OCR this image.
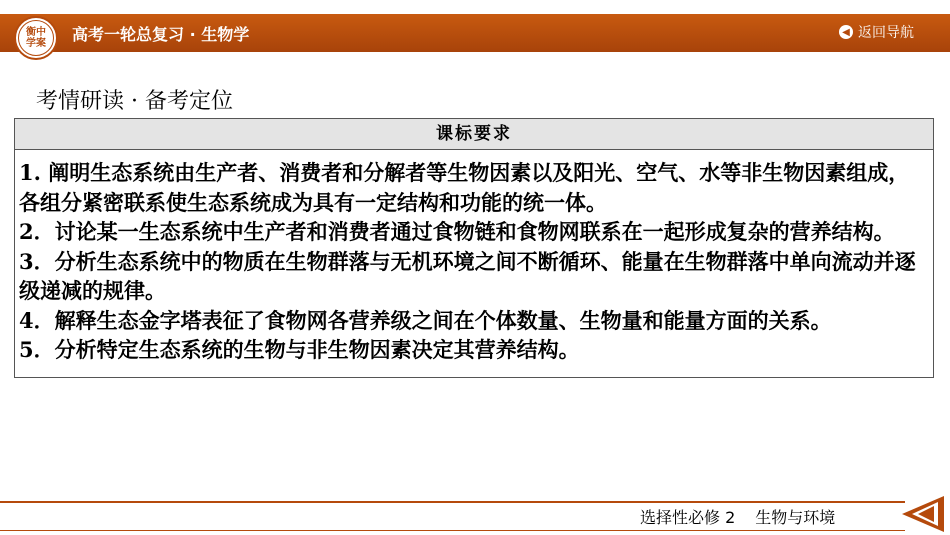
衡中
学案 高考一轮总复习 · 生物学	◀ 返回导航
考情研读 · 备考定位
课标要求

1. 阐明生态系统由生产者、消费者和分解者等生物因素以及阳光、空气、水等非生物因素组成，各组分紧密联系使生态系统成为具有一定结构和功能的统一体。

2．讨论某一生态系统中生产者和消费者通过食物链和食物网联系在一起形成复杂的营养结构。

3．分析生态系统中的物质在生物群落与无机环境之间不断循环、能量在生物群落中单向流动并逐级递减的规律。

4．解释生态金字塔表征了食物网各营养级之间在个体数量、生物量和能量方面的关系。

5．分析特定生态系统的生物与非生物因素决定其营养结构。

选择性必修 2 生物与环境
